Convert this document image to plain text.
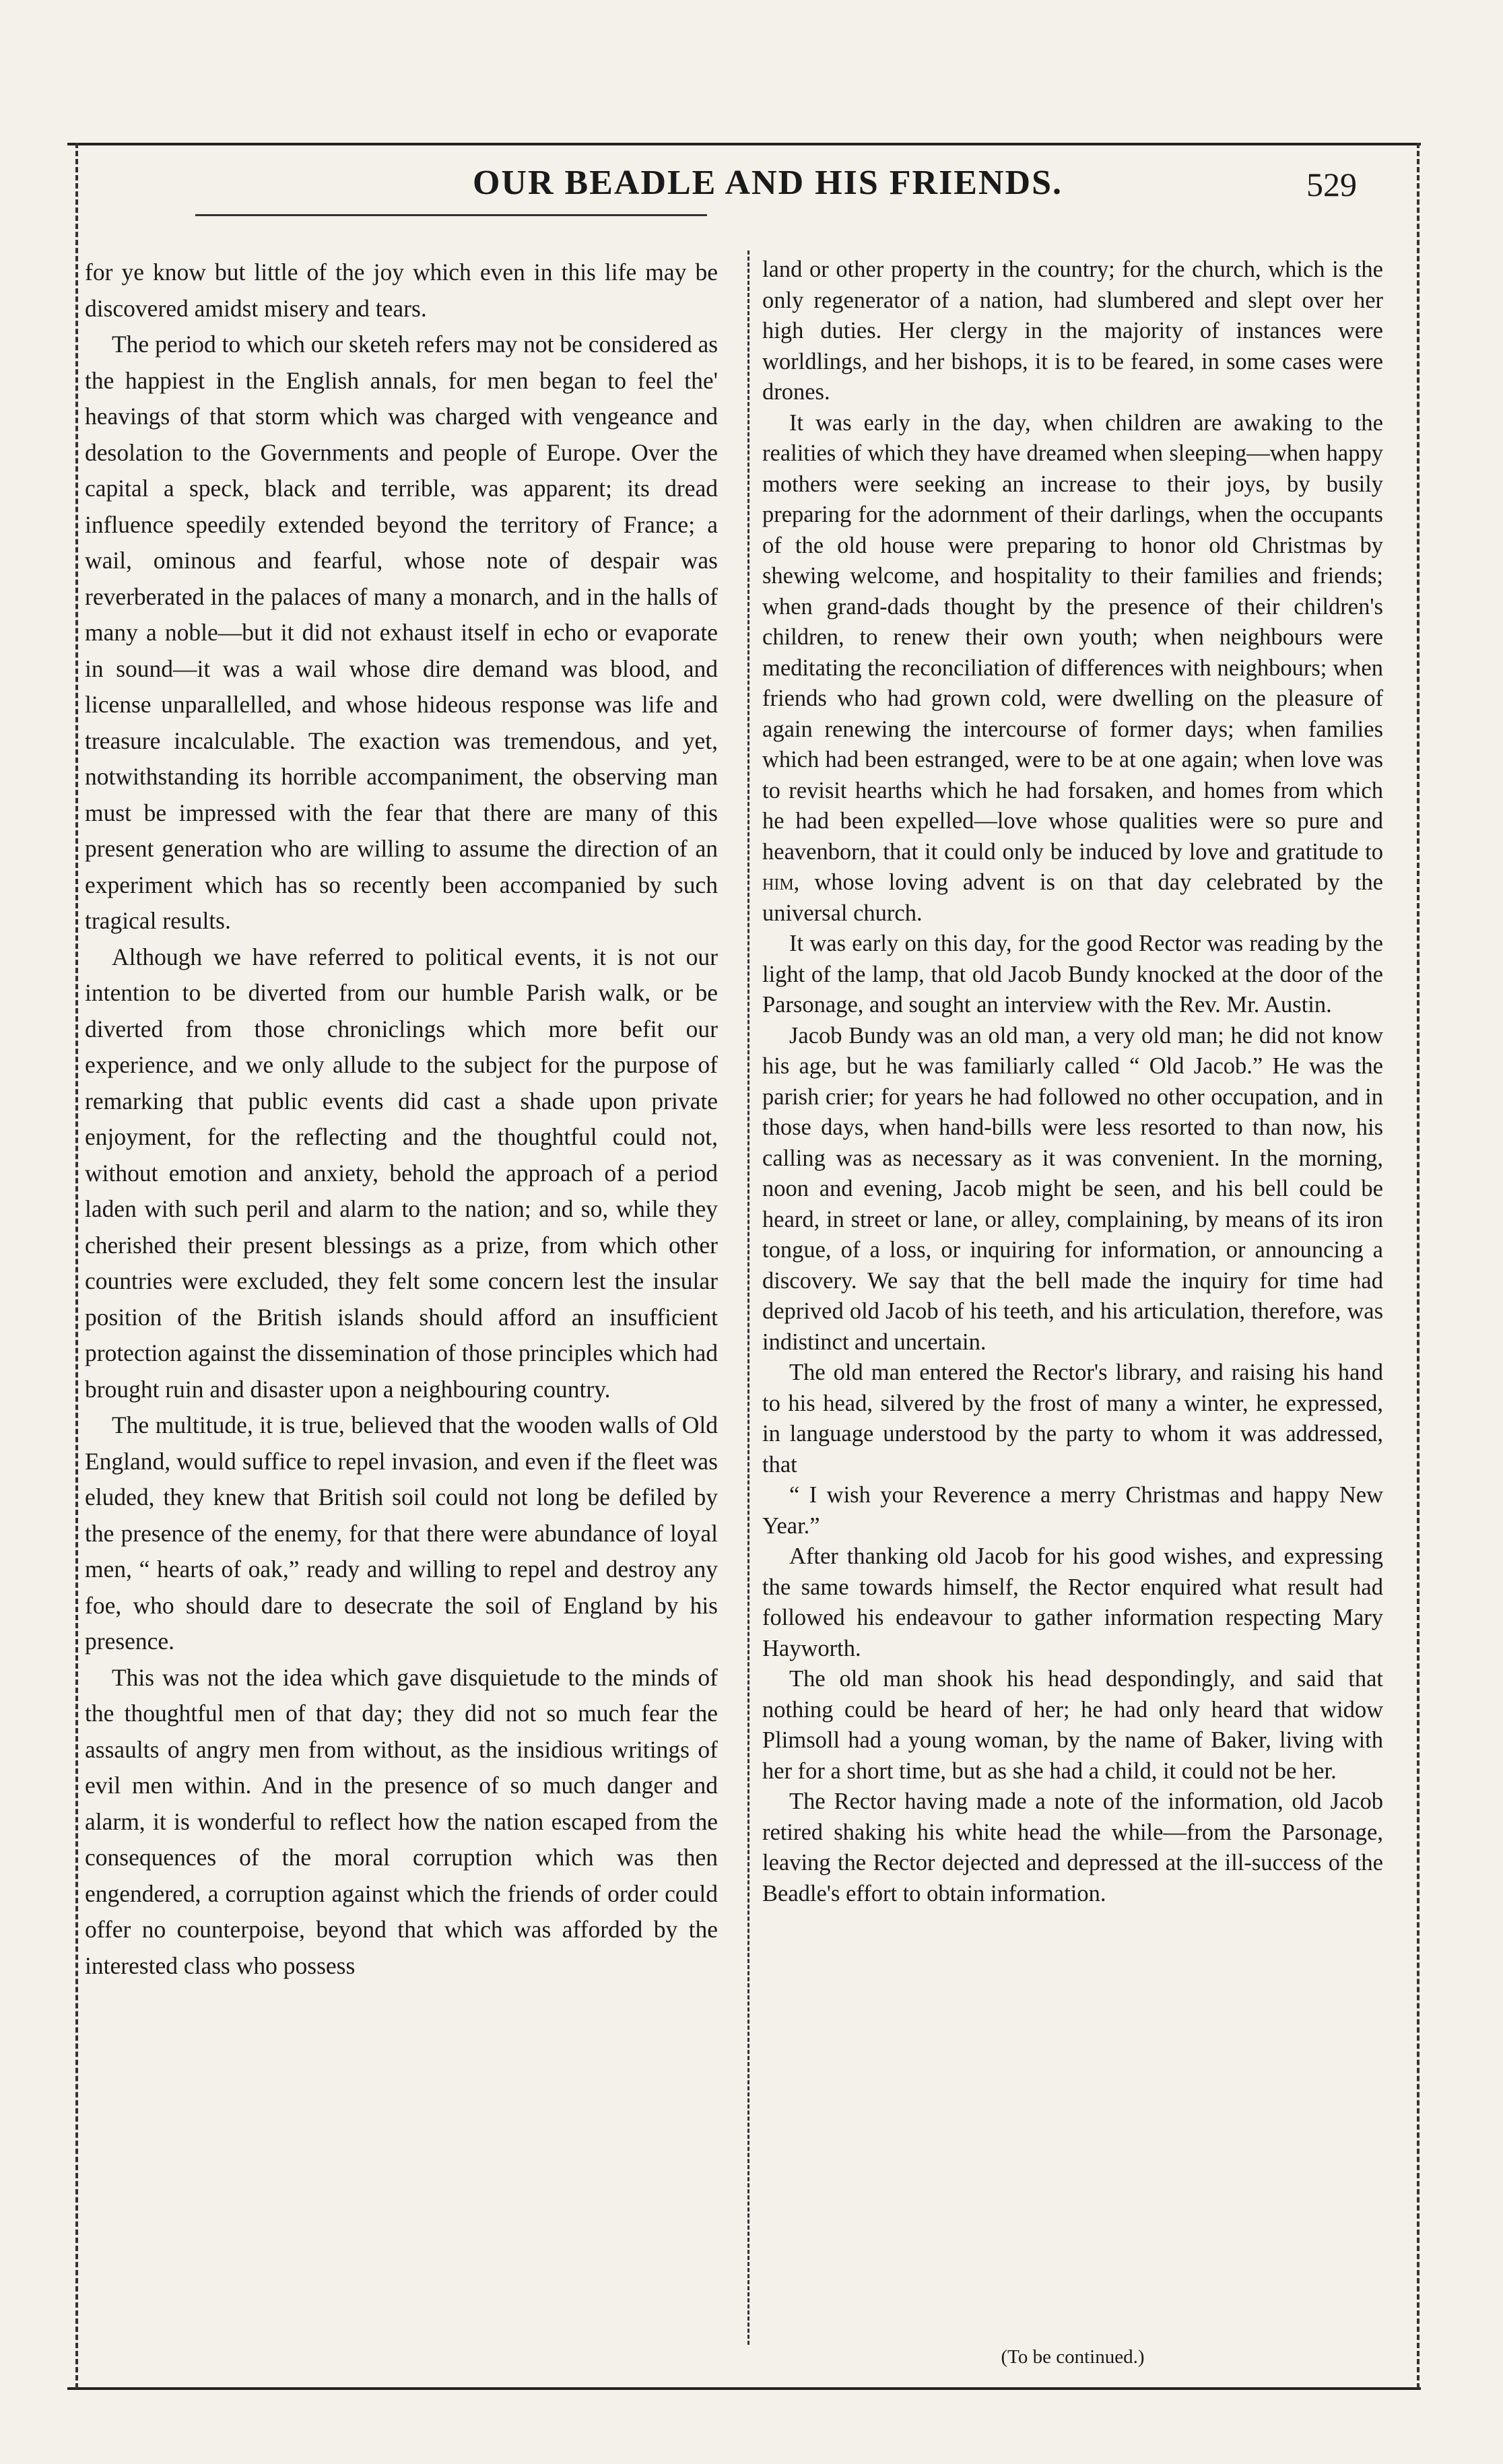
OUR BEADLE AND HIS FRIENDS.	529

for ye know but little of the joy which even in this life may be discovered amidst misery and tears.

The period to which our sketeh refers may not be considered as the happiest in the English annals, for men began to feel the' heavings of that storm which was charged with vengeance and desolation to the Governments and people of Europe. Over the capital a speck, black and terrible, was apparent; its dread influence speedily extended beyond the territory of France; a wail, ominous and fearful, whose note of despair was reverberated in the palaces of many a monarch, and in the halls of many a noble—but it did not exhaust itself in echo or evaporate in sound—it was a wail whose dire demand was blood, and license unparallelled, and whose hideous response was life and treasure incalculable. The exaction was tremendous, and yet, notwithstanding its horrible accompaniment, the observing man must be impressed with the fear that there are many of this present generation who are willing to assume the direction of an experiment which has so recently been accompanied by such tragical results.

Although we have referred to political events, it is not our intention to be diverted from our humble Parish walk, or be diverted from those chroniclings which more befit our experience, and we only allude to the subject for the purpose of remarking that public events did cast a shade upon private enjoyment, for the reflecting and the thoughtful could not, without emotion and anxiety, behold the approach of a period laden with such peril and alarm to the nation; and so, while they cherished their present blessings as a prize, from which other countries were excluded, they felt some concern lest the insular position of the British islands should afford an insufficient protection against the dissemination of those principles which had brought ruin and disaster upon a neighbouring country.

The multitude, it is true, believed that the wooden walls of Old England, would suffice to repel invasion, and even if the fleet was eluded, they knew that British soil could not long be defiled by the presence of the enemy, for that there were abundance of loyal men, “ hearts of oak,” ready and willing to repel and destroy any foe, who should dare to desecrate the soil of England by his presence.

This was not the idea which gave disquietude to the minds of the thoughtful men of that day; they did not so much fear the assaults of angry men from without, as the insidious writings of evil men within. And in the presence of so much danger and alarm, it is wonderful to reflect how the nation escaped from the consequences of the moral corruption which was then engendered, a corruption against which the friends of order could offer no counterpoise, beyond that which was afforded by the interested class who possess

land or other property in the country; for the church, which is the only regenerator of a nation, had slumbered and slept over her high duties. Her clergy in the majority of instances were worldlings, and her bishops, it is to be feared, in some cases were drones.

It was early in the day, when children are awaking to the realities of which they have dreamed when sleeping—when happy mothers were seeking an increase to their joys, by busily preparing for the adornment of their darlings, when the occupants of the old house were preparing to honor old Christmas by shewing welcome, and hospitality to their families and friends; when grand-dads thought by the presence of their children's children, to renew their own youth; when neighbours were meditating the reconciliation of differences with neighbours; when friends who had grown cold, were dwelling on the pleasure of again renewing the intercourse of former days; when families which had been estranged, were to be at one again; when love was to revisit hearths which he had forsaken, and homes from which he had been expelled—love whose qualities were so pure and heavenborn, that it could only be induced by love and gratitude to him, whose loving advent is on that day celebrated by the universal church.

It was early on this day, for the good Rector was reading by the light of the lamp, that old Jacob Bundy knocked at the door of the Parsonage, and sought an interview with the Rev. Mr. Austin.

Jacob Bundy was an old man, a very old man; he did not know his age, but he was familiarly called “ Old Jacob.” He was the parish crier; for years he had followed no other occupation, and in those days, when hand-bills were less resorted to than now, his calling was as necessary as it was convenient. In the morning, noon and evening, Jacob might be seen, and his bell could be heard, in street or lane, or alley, complaining, by means of its iron tongue, of a loss, or inquiring for information, or announcing a discovery. We say that the bell made the inquiry for time had deprived old Jacob of his teeth, and his articulation, therefore, was indistinct and uncertain.

The old man entered the Rector's library, and raising his hand to his head, silvered by the frost of many a winter, he expressed, in language understood by the party to whom it was addressed, that

“ I wish your Reverence a merry Christmas and happy New Year.”

After thanking old Jacob for his good wishes, and expressing the same towards himself, the Rector enquired what result had followed his endeavour to gather information respecting Mary Hayworth.

The old man shook his head despondingly, and said that nothing could be heard of her; he had only heard that widow Plimsoll had a young woman, by the name of Baker, living with her for a short time, but as she had a child, it could not be her.

The Rector having made a note of the information, old Jacob retired shaking his white head the while—from the Parsonage, leaving the Rector dejected and depressed at the ill-success of the Beadle's effort to obtain information.

(To be continued.)
